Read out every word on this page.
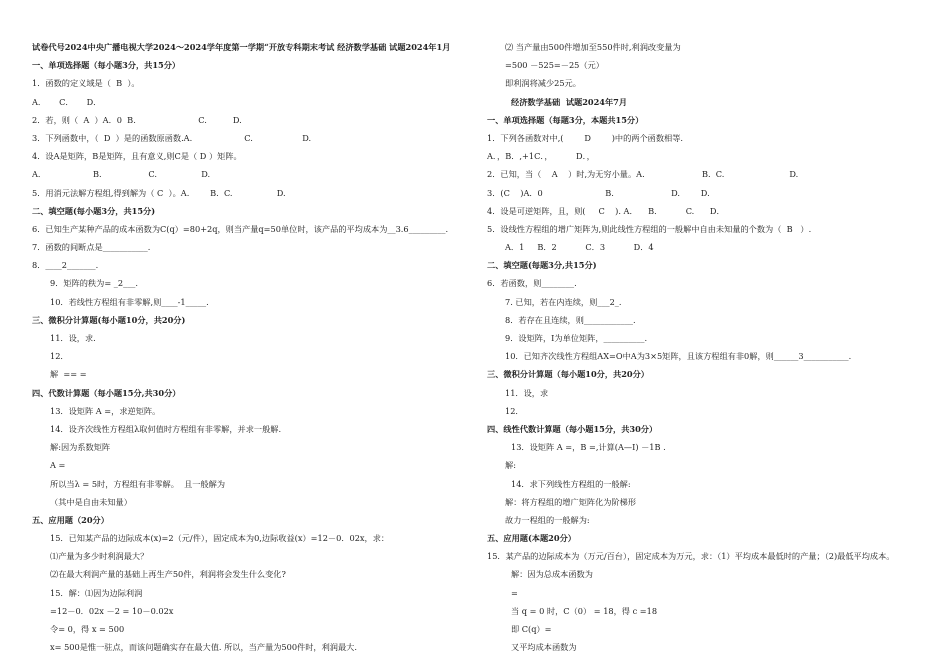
试卷代号2024中央广播电视大学2024～2024学年度第一学期“开放专科期末考试 经济数学基础 试题2024年1月
一、单项选择题（每小题3分，共15分）
1．函数的定义域是（  B  ）。
A．     C．     D．
2．若，则（  A  ）A．0  B.                        C.          D.
3．下列函数中，（  D  ）是的函数原函数.A.                    C.                   D.
4．设A是矩阵，B是矩阵，且有意义,则C是（ D ）矩阵。
A．                  B.                  C.                 D.
5．用消元法解方程组,得到解为（ C  ）。A.        B.  C.                 D.
二、填空题(每小题3分，共15分)
6．已知生产某种产品的成本函数为C(q）=80+2q，则当产量q=50单位时，该产品的平均成本为__3.6_________.
7．函数的间断点是___________.
8．____2_______.
9．矩阵的秩为= _2___.
10．若线性方程组有非零解,则____-1_____.
三、微积分计算题(每小题10分，共20分)
11．设，求.
12．
解  == =
四、代数计算题（每小题15分,共30分）
13．设矩阵 A =，求逆矩阵。
14．设齐次线性方程组λ取何值时方程组有非零解，并求一般解.
解:因为系数矩阵
A =
所以当λ = 5时，方程组有非零解。  且一般解为
（其中是自由未知量）
五、应用题（20分）
15．已知某产品的边际成本(x)=2（元/件），固定成本为0,边际收益(x）=12－0．02x，求：
⑴产量为多少时利润最大？
⑵在最大利润产量的基础上再生产50件，利润将会发生什么变化?
15．解：⑴因为边际利润
=12－0．02x －2 = 10－0.02x
令= 0，得 x = 500
x= 500是惟一驻点，而该问题确实存在最大值. 所以，当产量为500件时，利润最大.
⑵ 当产量由500件增加至550件时,利润改变量为
=500 －525=－25（元）
即利润将减少25元。
经济数学基础  试题2024年7月
一、单项选择题（每题3分，本题共15分）
1．下列各函数对中,(        D        )中的两个函数相等.
A．，B．,+1C．，         D．，
2．已知，当（    A    ）时,为无穷小量。A.                      B.  C.                         D.
3．(C    )A．0                        B.                      D.        D.
4．设是可逆矩阵，且，则(     C    ). A．    B．         C.      D．
5．设线性方程组的增广矩阵为,则此线性方程组的一般解中自由未知量的个数为（  B   ）.
A．1     B．2           C．3           D．4
二、填空题(每题3分,共15分)
6．若函数，则________.
7. 已知，若在内连续，则___2_.
8．若存在且连续，则____________.
9．设矩阵，I为单位矩阵，__________.
10．已知齐次线性方程组AX=O中A为3×5矩阵，且该方程组有非0解，则______3___________.
三、微积分计算题（每小题10分，共20分）
11．设，求
12．
四、线性代数计算题（每小题15分，共30分）
13．设矩阵 A =，B =,计算(A—I) －1B .
解:
14．求下列线性方程组的一般解:
解：将方程组的增广矩阵化为阶梯形
故力一程组的一般解为:
五、应用题(本题20分）
15．某产品的边际成本为（万元/百台），固定成本为万元，求：（1）平均成本最低时的产量；（2)最低平均成本。
解：因为总成本函数为
=
当 q = 0 时，C（0） = 18，得 c =18
即 C(q）=
又平均成本函数为
